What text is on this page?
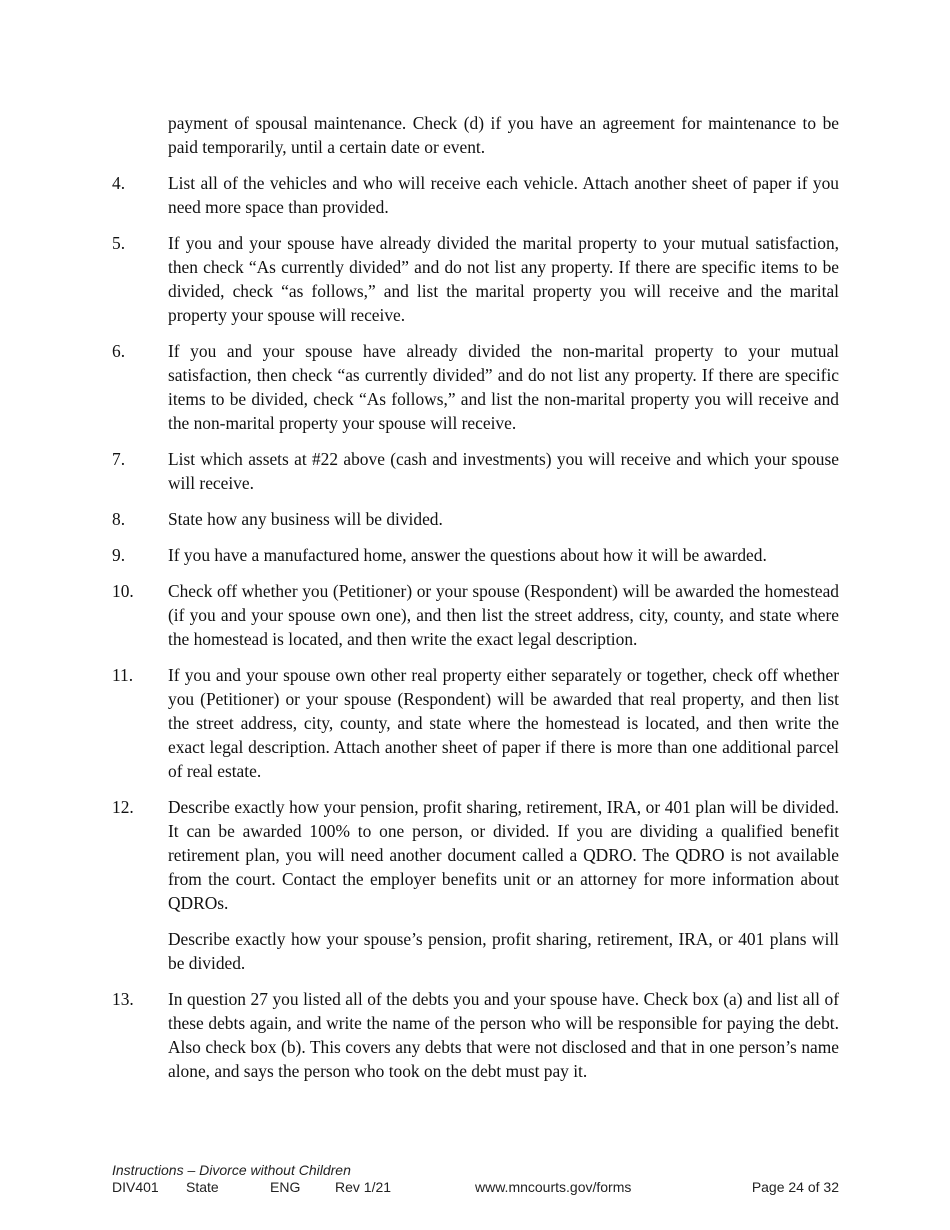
payment of spousal maintenance. Check (d) if you have an agreement for maintenance to be paid temporarily, until a certain date or event.

4.	List all of the vehicles and who will receive each vehicle. Attach another sheet of paper if you need more space than provided.
5.	If you and your spouse have already divided the marital property to your mutual satisfaction, then check “As currently divided” and do not list any property. If there are specific items to be divided, check “as follows,” and list the marital property you will receive and the marital property your spouse will receive.
6.	If you and your spouse have already divided the non-marital property to your mutual satisfaction, then check “as currently divided” and do not list any property. If there are specific items to be divided, check “As follows,” and list the non-marital property you will receive and the non-marital property your spouse will receive.
7.	List which assets at #22 above (cash and investments) you will receive and which your spouse will receive.
8.	State how any business will be divided.
9.	If you have a manufactured home, answer the questions about how it will be awarded.
10.	Check off whether you (Petitioner) or your spouse (Respondent) will be awarded the homestead (if you and your spouse own one), and then list the street address, city, county, and state where the homestead is located, and then write the exact legal description.
11.	If you and your spouse own other real property either separately or together, check off whether you (Petitioner) or your spouse (Respondent) will be awarded that real property, and then list the street address, city, county, and state where the homestead is located, and then write the exact legal description. Attach another sheet of paper if there is more than one additional parcel of real estate.
12.	Describe exactly how your pension, profit sharing, retirement, IRA, or 401 plan will be divided. It can be awarded 100% to one person, or divided. If you are dividing a qualified benefit retirement plan, you will need another document called a QDRO. The QDRO is not available from the court. Contact the employer benefits unit or an attorney for more information about QDROs.

Describe exactly how your spouse’s pension, profit sharing, retirement, IRA, or 401 plans will be divided.

13.	In question 27 you listed all of the debts you and your spouse have. Check box (a) and list all of these debts again, and write the name of the person who will be responsible for paying the debt. Also check box (b). This covers any debts that were not disclosed and that in one person’s name alone, and says the person who took on the debt must pay it.
Instructions – Divorce without Children
DIV401 State	ENG Rev 1/21	www.mncourts.gov/forms	Page 24 of 32
